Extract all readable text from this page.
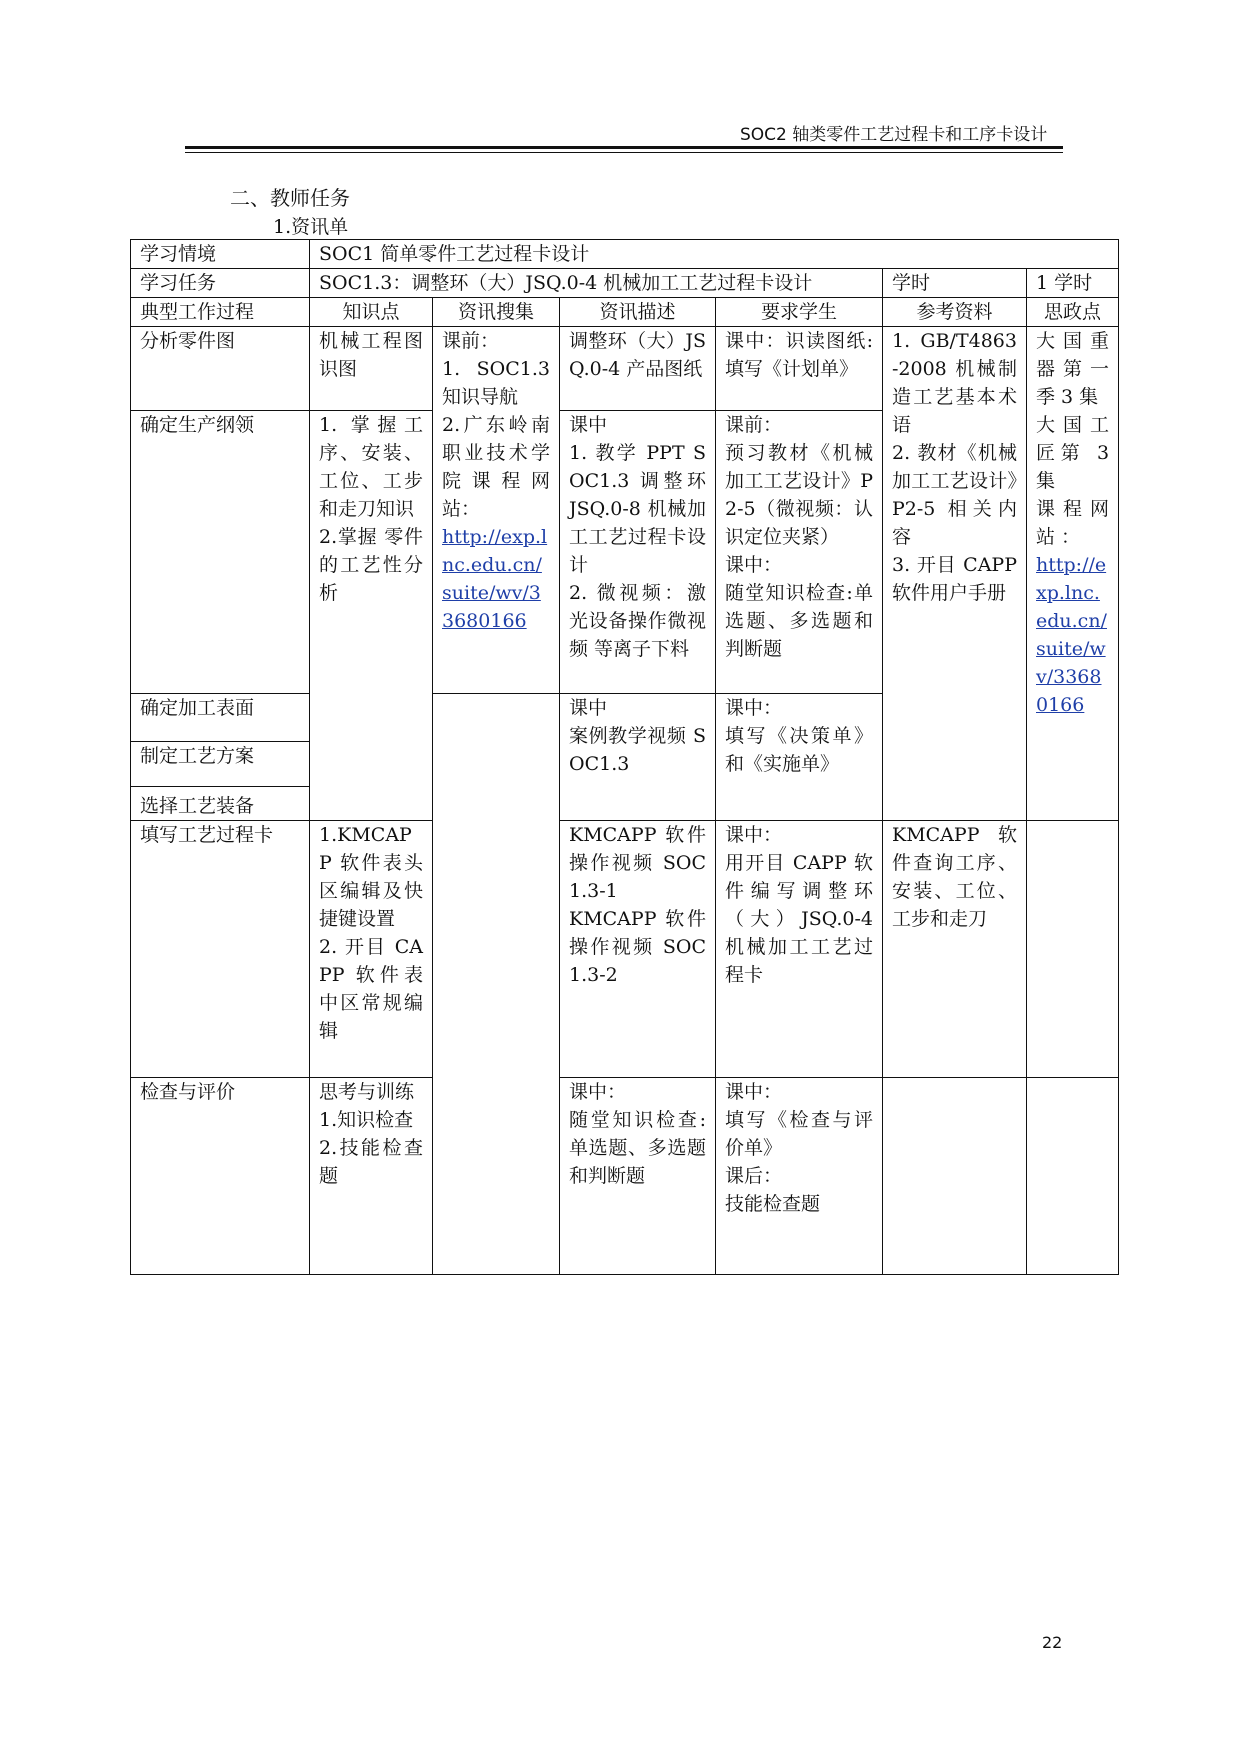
SOC2 轴类零件工艺过程卡和工序卡设计
二、教师任务
1.资讯单
学习情境	SOC1 简单零件工艺过程卡设计					
学习任务	SOC1.3：调整环（大）JSQ.0-4 机械加工工艺过程卡设计				学时	1 学时
典型工作过程	知识点	资讯搜集	资讯描述	要求学生	参考资料	思政点
分析零件图	机械工程图识图	课前：
1. SOC1.3 知识导航
2.广东岭南职业技术学院课程网站：
http://exp.lnc.edu.cn/suite/wv/33680166	调整环（大）JSQ.0-4 产品图纸	课中：识读图纸:填写《计划单》	1. GB/T4863-2008 机械制造工艺基本术语
2. 教材《机械加工工艺设计》P2-5 相关内容
3. 开目 CAPP 软件用户手册	大国重器第一季 3 集
大国工匠第 3 集
课程网站 ：
http://exp.lnc.edu.cn/suite/wv/33680166

确定生产纲领	1. 掌握工序、安装、工位、工步和走刀知识
2.掌握 零件的工艺性分析		课中
1. 教学 PPT SOC1.3 调整环 JSQ.0-8 机械加工工艺过程卡设计
2. 微视频：激光设备操作微视频 等离子下料	课前：
预习教材《机械加工工艺设计》P2-5（微视频：认识定位夹紧）
课中：
随堂知识检查:单选题、多选题和判断题		

确定加工表面			课中
案例教学视频 SOC1.3	课中：
填写《决策单》和《实施单》		

制定工艺方案						
选择工艺装备						
填写工艺过程卡	1.KMCAPP 软件表头区编辑及快捷键设置
2. 开目 CAPP 软件表中区常规编辑		KMCAPP 软件操作视频 SOC1.3-1
KMCAPP 软件操作视频 SOC1.3-2	课中：
用开目 CAPP 软件编写调整环（大）JSQ.0-4 机械加工工艺过程卡	KMCAPP 软件查询工序、安装、工位、工步和走刀	
检查与评价	思考与训练
1.知识检查
2.技能检查题		课中：
随堂知识检查:单选题、多选题和判断题	课中：
填写《检查与评价单》
课后：
技能检查题		

22
